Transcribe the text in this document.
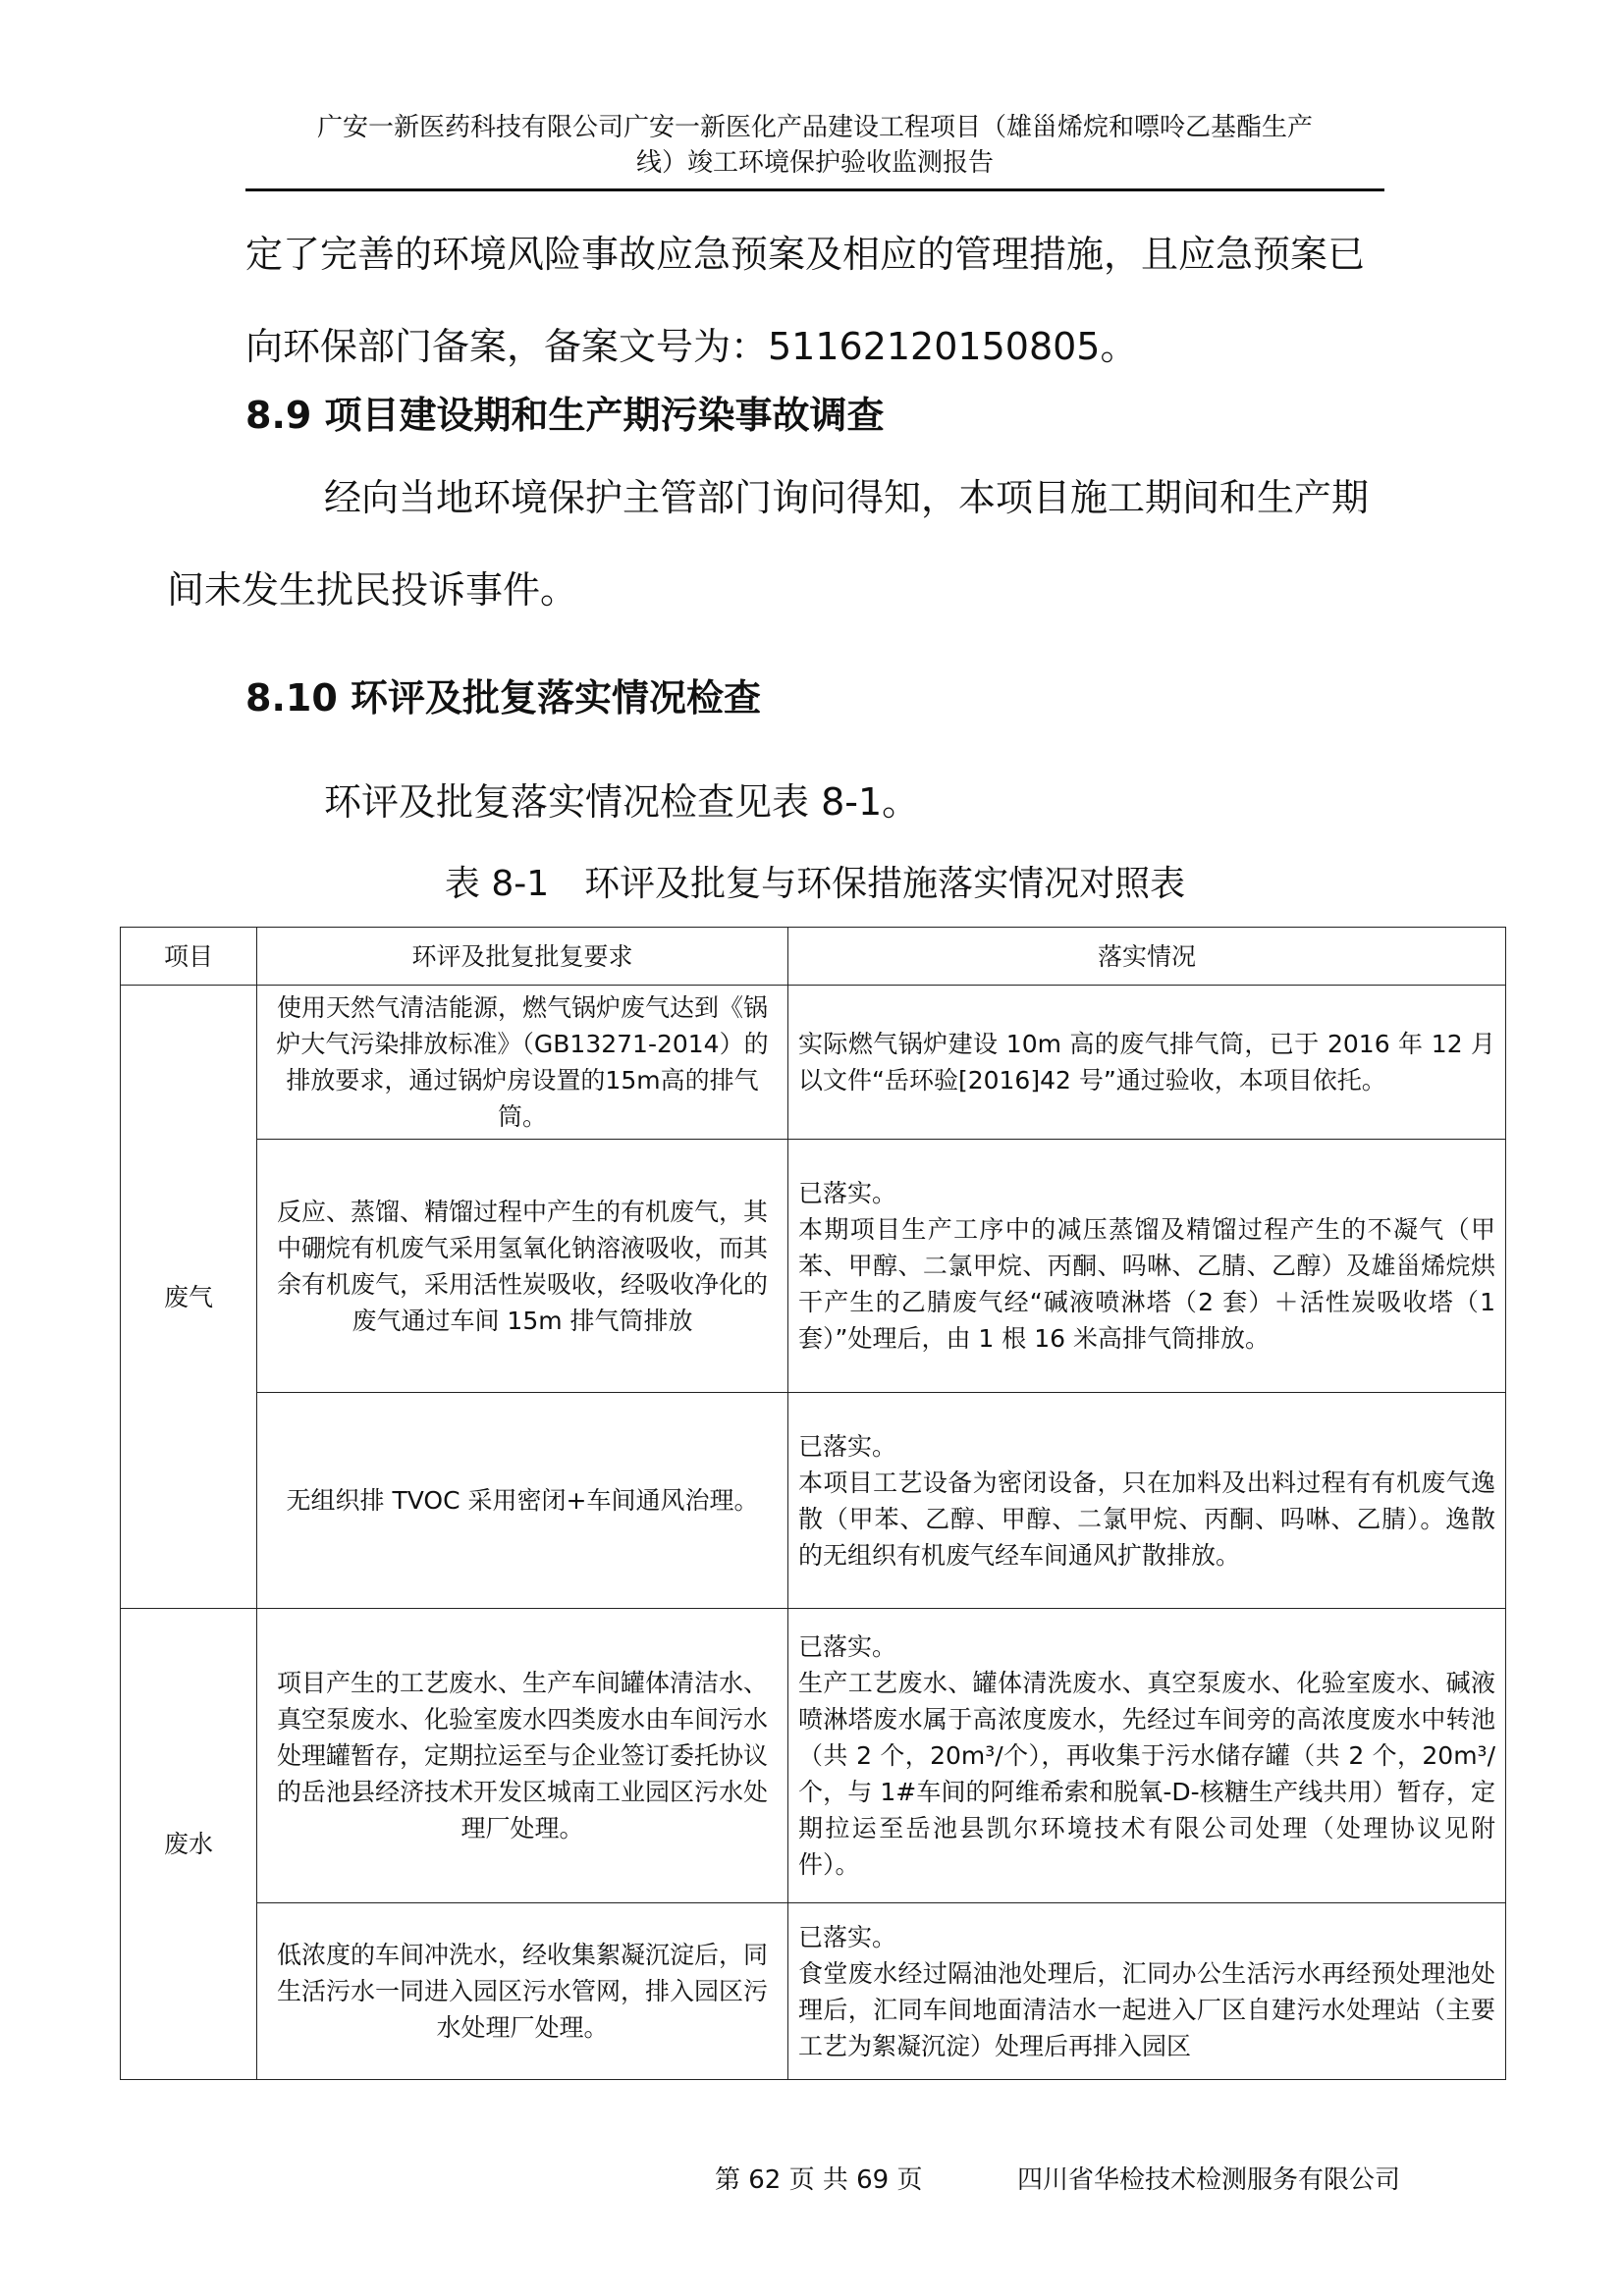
广安一新医药科技有限公司广安一新医化产品建设工程项目（雄甾烯烷和嘌呤乙基酯生产
线）竣工环境保护验收监测报告
定了完善的环境风险事故应急预案及相应的管理措施，且应急预案已
向环保部门备案，备案文号为：51162120150805。
8.9 项目建设期和生产期污染事故调查
经向当地环境保护主管部门询问得知，本项目施工期间和生产期
间未发生扰民投诉事件。
8.10 环评及批复落实情况检查
环评及批复落实情况检查见表 8-1。
表 8-1　环评及批复与环保措施落实情况对照表
项目	环评及批复批复要求	落实情况
废气	使用天然气清洁能源，燃气锅炉废气达到《锅炉大气污染排放标准》（GB13271-2014）的排放要求，通过锅炉房设置的15m高的排气筒。	实际燃气锅炉建设 10m 高的废气排气筒，已于 2016 年 12 月以文件“岳环验[2016]42 号”通过验收，本项目依托。

	反应、蒸馏、精馏过程中产生的有机废气，其中硼烷有机废气采用氢氧化钠溶液吸收，而其余有机废气，采用活性炭吸收，经吸收净化的废气通过车间 15m 排气筒排放	已落实。
本期项目生产工序中的减压蒸馏及精馏过程产生的不凝气（甲苯、甲醇、二氯甲烷、丙酮、吗啉、乙腈、乙醇）及雄甾烯烷烘干产生的乙腈废气经“碱液喷淋塔（2 套）＋活性炭吸收塔（1 套）”处理后，由 1 根 16 米高排气筒排放。

	无组织排 TVOC 采用密闭+车间通风治理。	已落实。
本项目工艺设备为密闭设备，只在加料及出料过程有有机废气逸散（甲苯、乙醇、甲醇、二氯甲烷、丙酮、吗啉、乙腈）。逸散的无组织有机废气经车间通风扩散排放。

废水	项目产生的工艺废水、生产车间罐体清洁水、真空泵废水、化验室废水四类废水由车间污水处理罐暂存，定期拉运至与企业签订委托协议的岳池县经济技术开发区城南工业园区污水处理厂处理。	已落实。
生产工艺废水、罐体清洗废水、真空泵废水、化验室废水、碱液喷淋塔废水属于高浓度废水，先经过车间旁的高浓度废水中转池（共 2 个，20m³/个），再收集于污水储存罐（共 2 个，20m³/个，与 1#车间的阿维希索和脱氧-D-核糖生产线共用）暂存，定期拉运至岳池县凯尔环境技术有限公司处理（处理协议见附件）。

	低浓度的车间冲洗水，经收集絮凝沉淀后，同生活污水一同进入园区污水管网，排入园区污水处理厂处理。	已落实。
食堂废水经过隔油池处理后，汇同办公生活污水再经预处理池处理后，汇同车间地面清洁水一起进入厂区自建污水处理站（主要工艺为絮凝沉淀）处理后再排入园区
第 62 页 共 69 页	四川省华检技术检测服务有限公司
